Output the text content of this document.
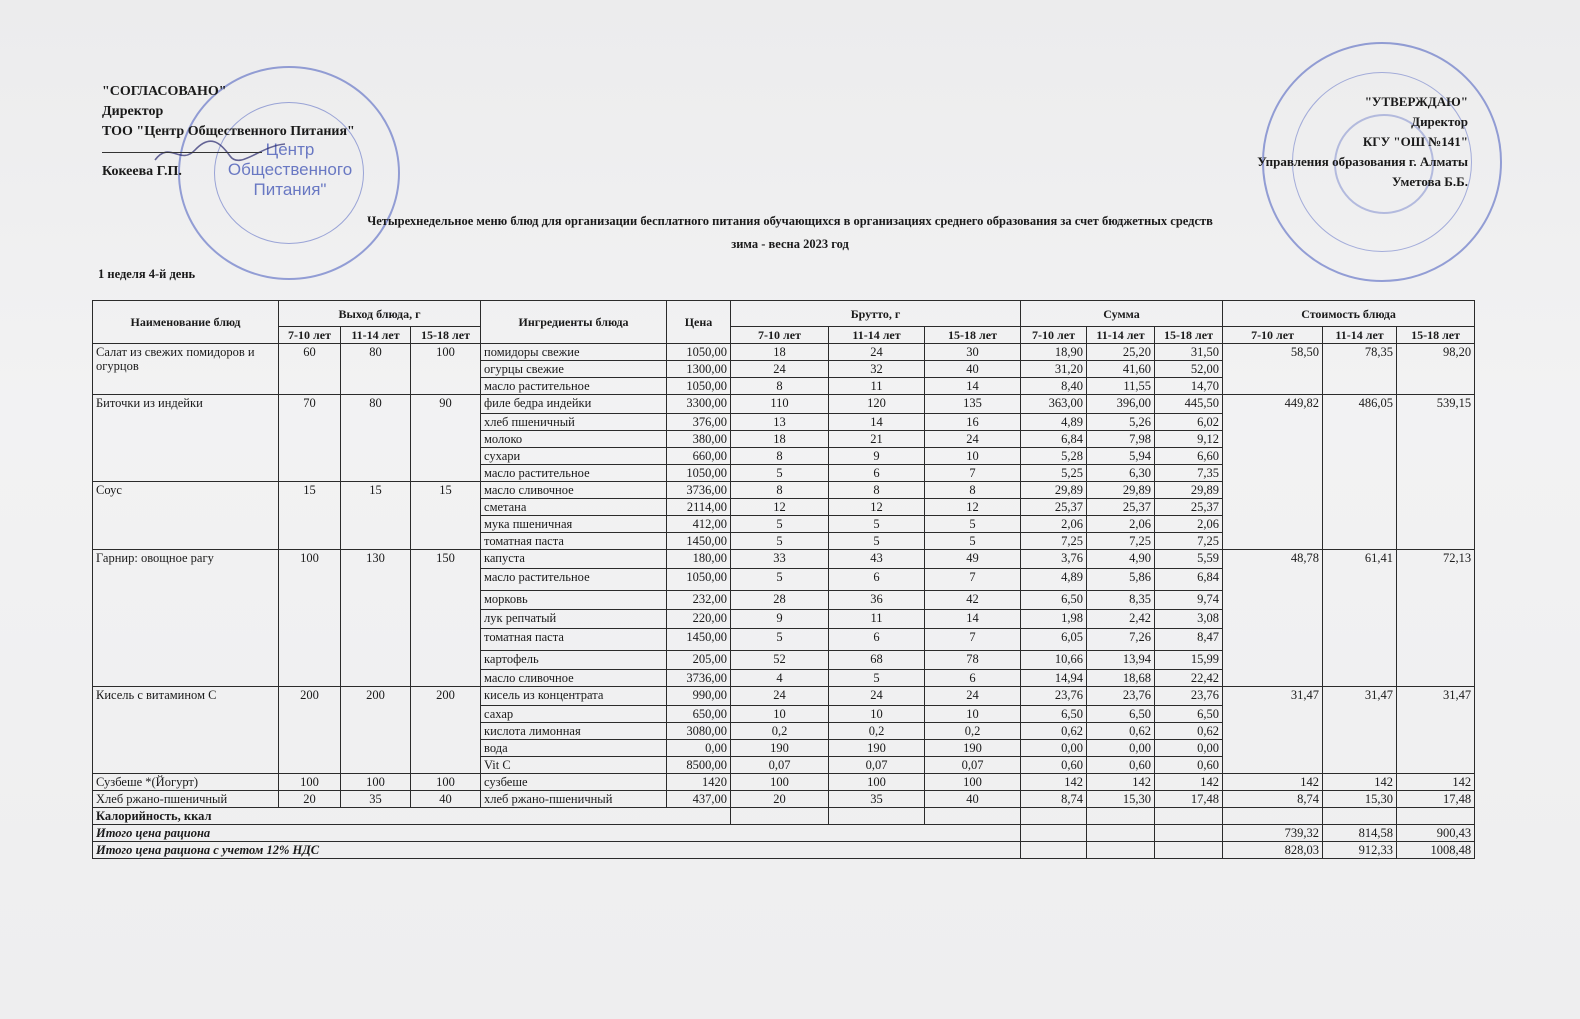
Центр Общественного Питания"
"СОГЛАСОВАНО"
Директор
ТОО "Центр Общественного Питания"
Кокеева Г.П.
"УТВЕРЖДАЮ"
Директор
КГУ "ОШ №141"
Управления образования г. Алматы
Уметова Б.Б.
Четырехнедельное меню блюд для организации бесплатного питания обучающихся в организациях среднего образования за счет бюджетных средств
зима - весна 2023 год
1 неделя 4-й день
Наименование блюд	Выход блюда, г			Ингредиенты блюда	Цена	Брутто, г			Сумма			Стоимость блюда		
	7-10 лет	11-14 лет	15-18 лет			7-10 лет	11-14 лет	15-18 лет	7-10 лет	11-14 лет	15-18 лет	7-10 лет	11-14 лет	15-18 лет
Салат из свежих помидоров и огурцов	60	80	100	помидоры свежие	1050,00	18	24	30	18,90	25,20	31,50	58,50	78,35	98,20
				огурцы свежие	1300,00	24	32	40	31,20	41,60	52,00			
				масло растительное	1050,00	8	11	14	8,40	11,55	14,70			
Биточки из индейки	70	80	90	филе бедра индейки	3300,00	110	120	135	363,00	396,00	445,50	449,82	486,05	539,15
				хлеб пшеничный	376,00	13	14	16	4,89	5,26	6,02			
				молоко	380,00	18	21	24	6,84	7,98	9,12			
				сухари	660,00	8	9	10	5,28	5,94	6,60			
				масло растительное	1050,00	5	6	7	5,25	6,30	7,35			
Соус	15	15	15	масло сливочное	3736,00	8	8	8	29,89	29,89	29,89			
				сметана	2114,00	12	12	12	25,37	25,37	25,37			
				мука пшеничная	412,00	5	5	5	2,06	2,06	2,06			
				томатная паста	1450,00	5	5	5	7,25	7,25	7,25			
Гарнир: овощное рагу	100	130	150	капуста	180,00	33	43	49	3,76	4,90	5,59	48,78	61,41	72,13
				масло растительное	1050,00	5	6	7	4,89	5,86	6,84			
				морковь	232,00	28	36	42	6,50	8,35	9,74			
				лук репчатый	220,00	9	11	14	1,98	2,42	3,08			
				томатная паста	1450,00	5	6	7	6,05	7,26	8,47			
				картофель	205,00	52	68	78	10,66	13,94	15,99			
				масло сливочное	3736,00	4	5	6	14,94	18,68	22,42			
Кисель с витамином С	200	200	200	кисель из концентрата	990,00	24	24	24	23,76	23,76	23,76	31,47	31,47	31,47
				сахар	650,00	10	10	10	6,50	6,50	6,50			
				кислота лимонная	3080,00	0,2	0,2	0,2	0,62	0,62	0,62			
				вода	0,00	190	190	190	0,00	0,00	0,00			
				Vit C	8500,00	0,07	0,07	0,07	0,60	0,60	0,60			
Сузбеше *(Йогурт)	100	100	100	сузбеше	1420	100	100	100	142	142	142	142	142	142
Хлеб ржано-пшеничный	20	35	40	хлеб ржано-пшеничный	437,00	20	35	40	8,74	15,30	17,48	8,74	15,30	17,48
Калорийность, ккал														
Итого цена рациона												739,32	814,58	900,43
Итого цена рациона с учетом 12% НДС												828,03	912,33	1008,48
